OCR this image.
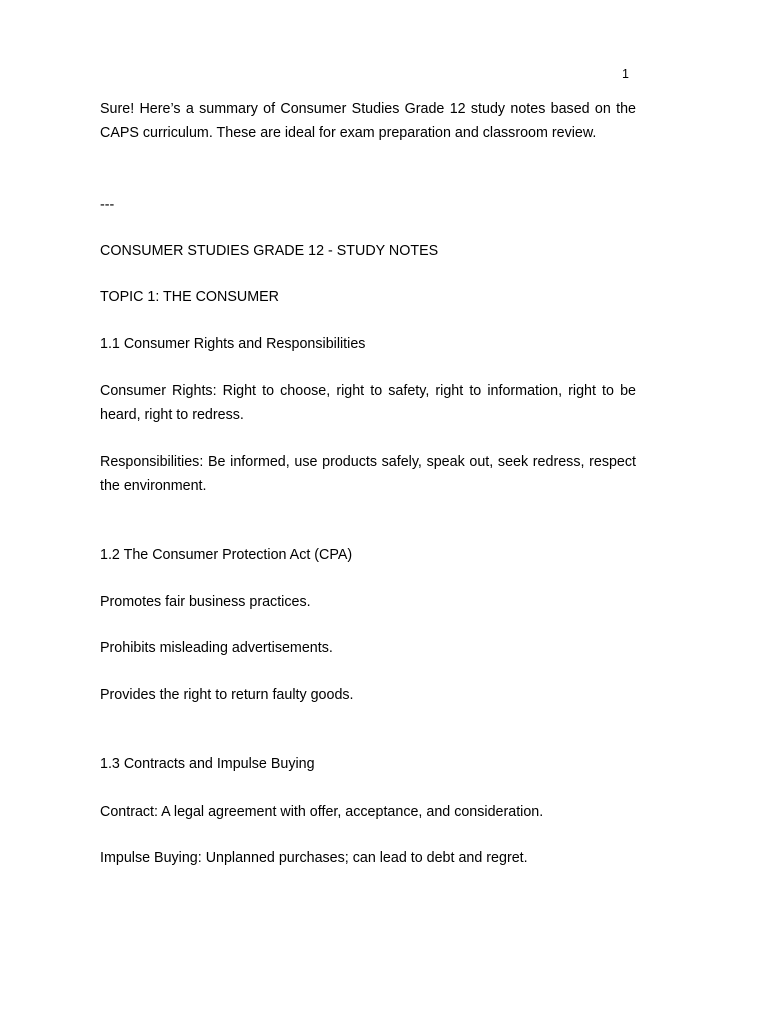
1

Sure! Here’s a summary of Consumer Studies Grade 12 study notes based on the CAPS curriculum. These are ideal for exam preparation and classroom review.

---

CONSUMER STUDIES GRADE 12 - STUDY NOTES

TOPIC 1: THE CONSUMER

1.1 Consumer Rights and Responsibilities

Consumer Rights: Right to choose, right to safety, right to information, right to be heard, right to redress.

Responsibilities: Be informed, use products safely, speak out, seek redress, respect the environment.

1.2 The Consumer Protection Act (CPA)

Promotes fair business practices.

Prohibits misleading advertisements.

Provides the right to return faulty goods.

1.3 Contracts and Impulse Buying

Contract: A legal agreement with offer, acceptance, and consideration.

Impulse Buying: Unplanned purchases; can lead to debt and regret.
